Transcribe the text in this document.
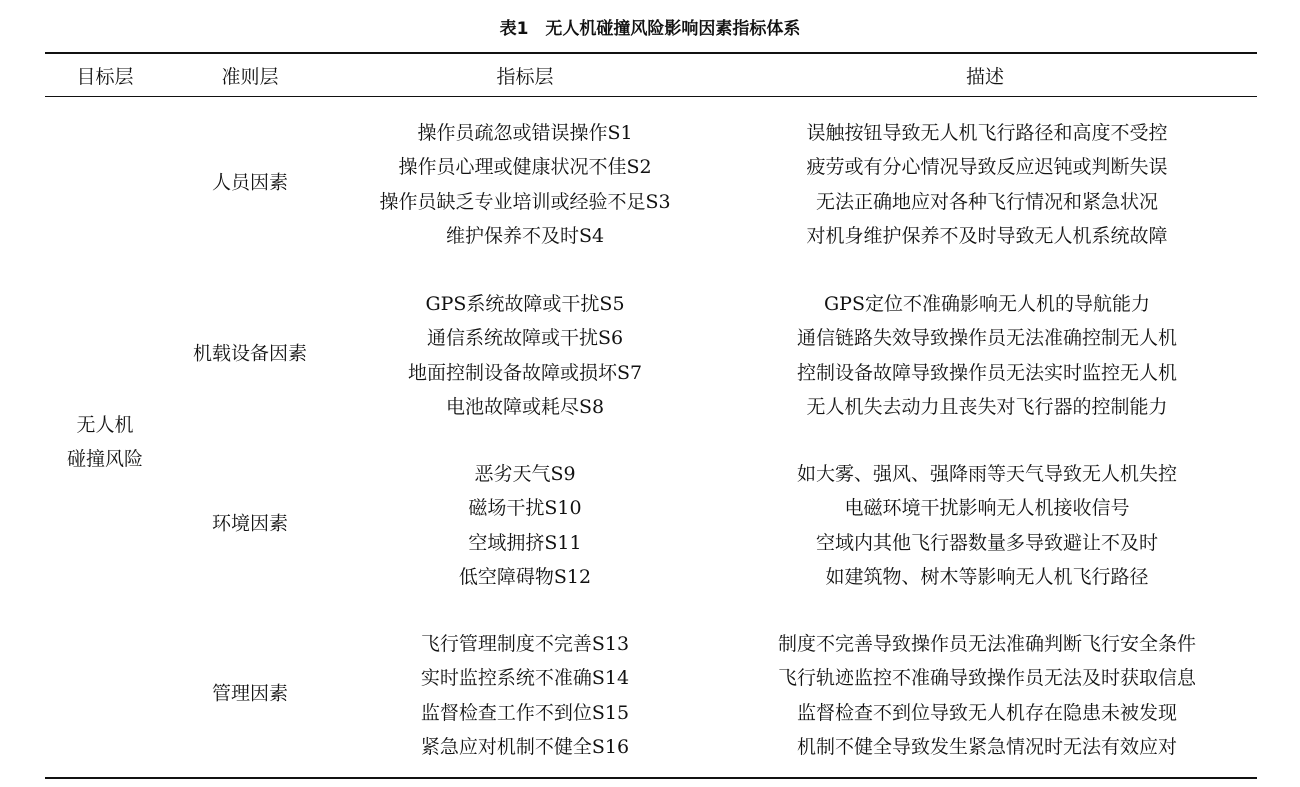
表1　无人机碰撞风险影响因素指标体系
目标层	准则层	指标层	描述
无人机
碰撞风险
人员因素
操作员疏忽或错误操作S1	误触按钮导致无人机飞行路径和高度不受控
操作员心理或健康状况不佳S2	疲劳或有分心情况导致反应迟钝或判断失误
操作员缺乏专业培训或经验不足S3	无法正确地应对各种飞行情况和紧急状况
维护保养不及时S4	对机身维护保养不及时导致无人机系统故障
机载设备因素
GPS系统故障或干扰S5	GPS定位不准确影响无人机的导航能力
通信系统故障或干扰S6	通信链路失效导致操作员无法准确控制无人机
地面控制设备故障或损坏S7	控制设备故障导致操作员无法实时监控无人机
电池故障或耗尽S8	无人机失去动力且丧失对飞行器的控制能力
环境因素
恶劣天气S9	如大雾、强风、强降雨等天气导致无人机失控
磁场干扰S10	电磁环境干扰影响无人机接收信号
空域拥挤S11	空域内其他飞行器数量多导致避让不及时
低空障碍物S12	如建筑物、树木等影响无人机飞行路径
管理因素
飞行管理制度不完善S13	制度不完善导致操作员无法准确判断飞行安全条件
实时监控系统不准确S14	飞行轨迹监控不准确导致操作员无法及时获取信息
监督检查工作不到位S15	监督检查不到位导致无人机存在隐患未被发现
紧急应对机制不健全S16	机制不健全导致发生紧急情况时无法有效应对
